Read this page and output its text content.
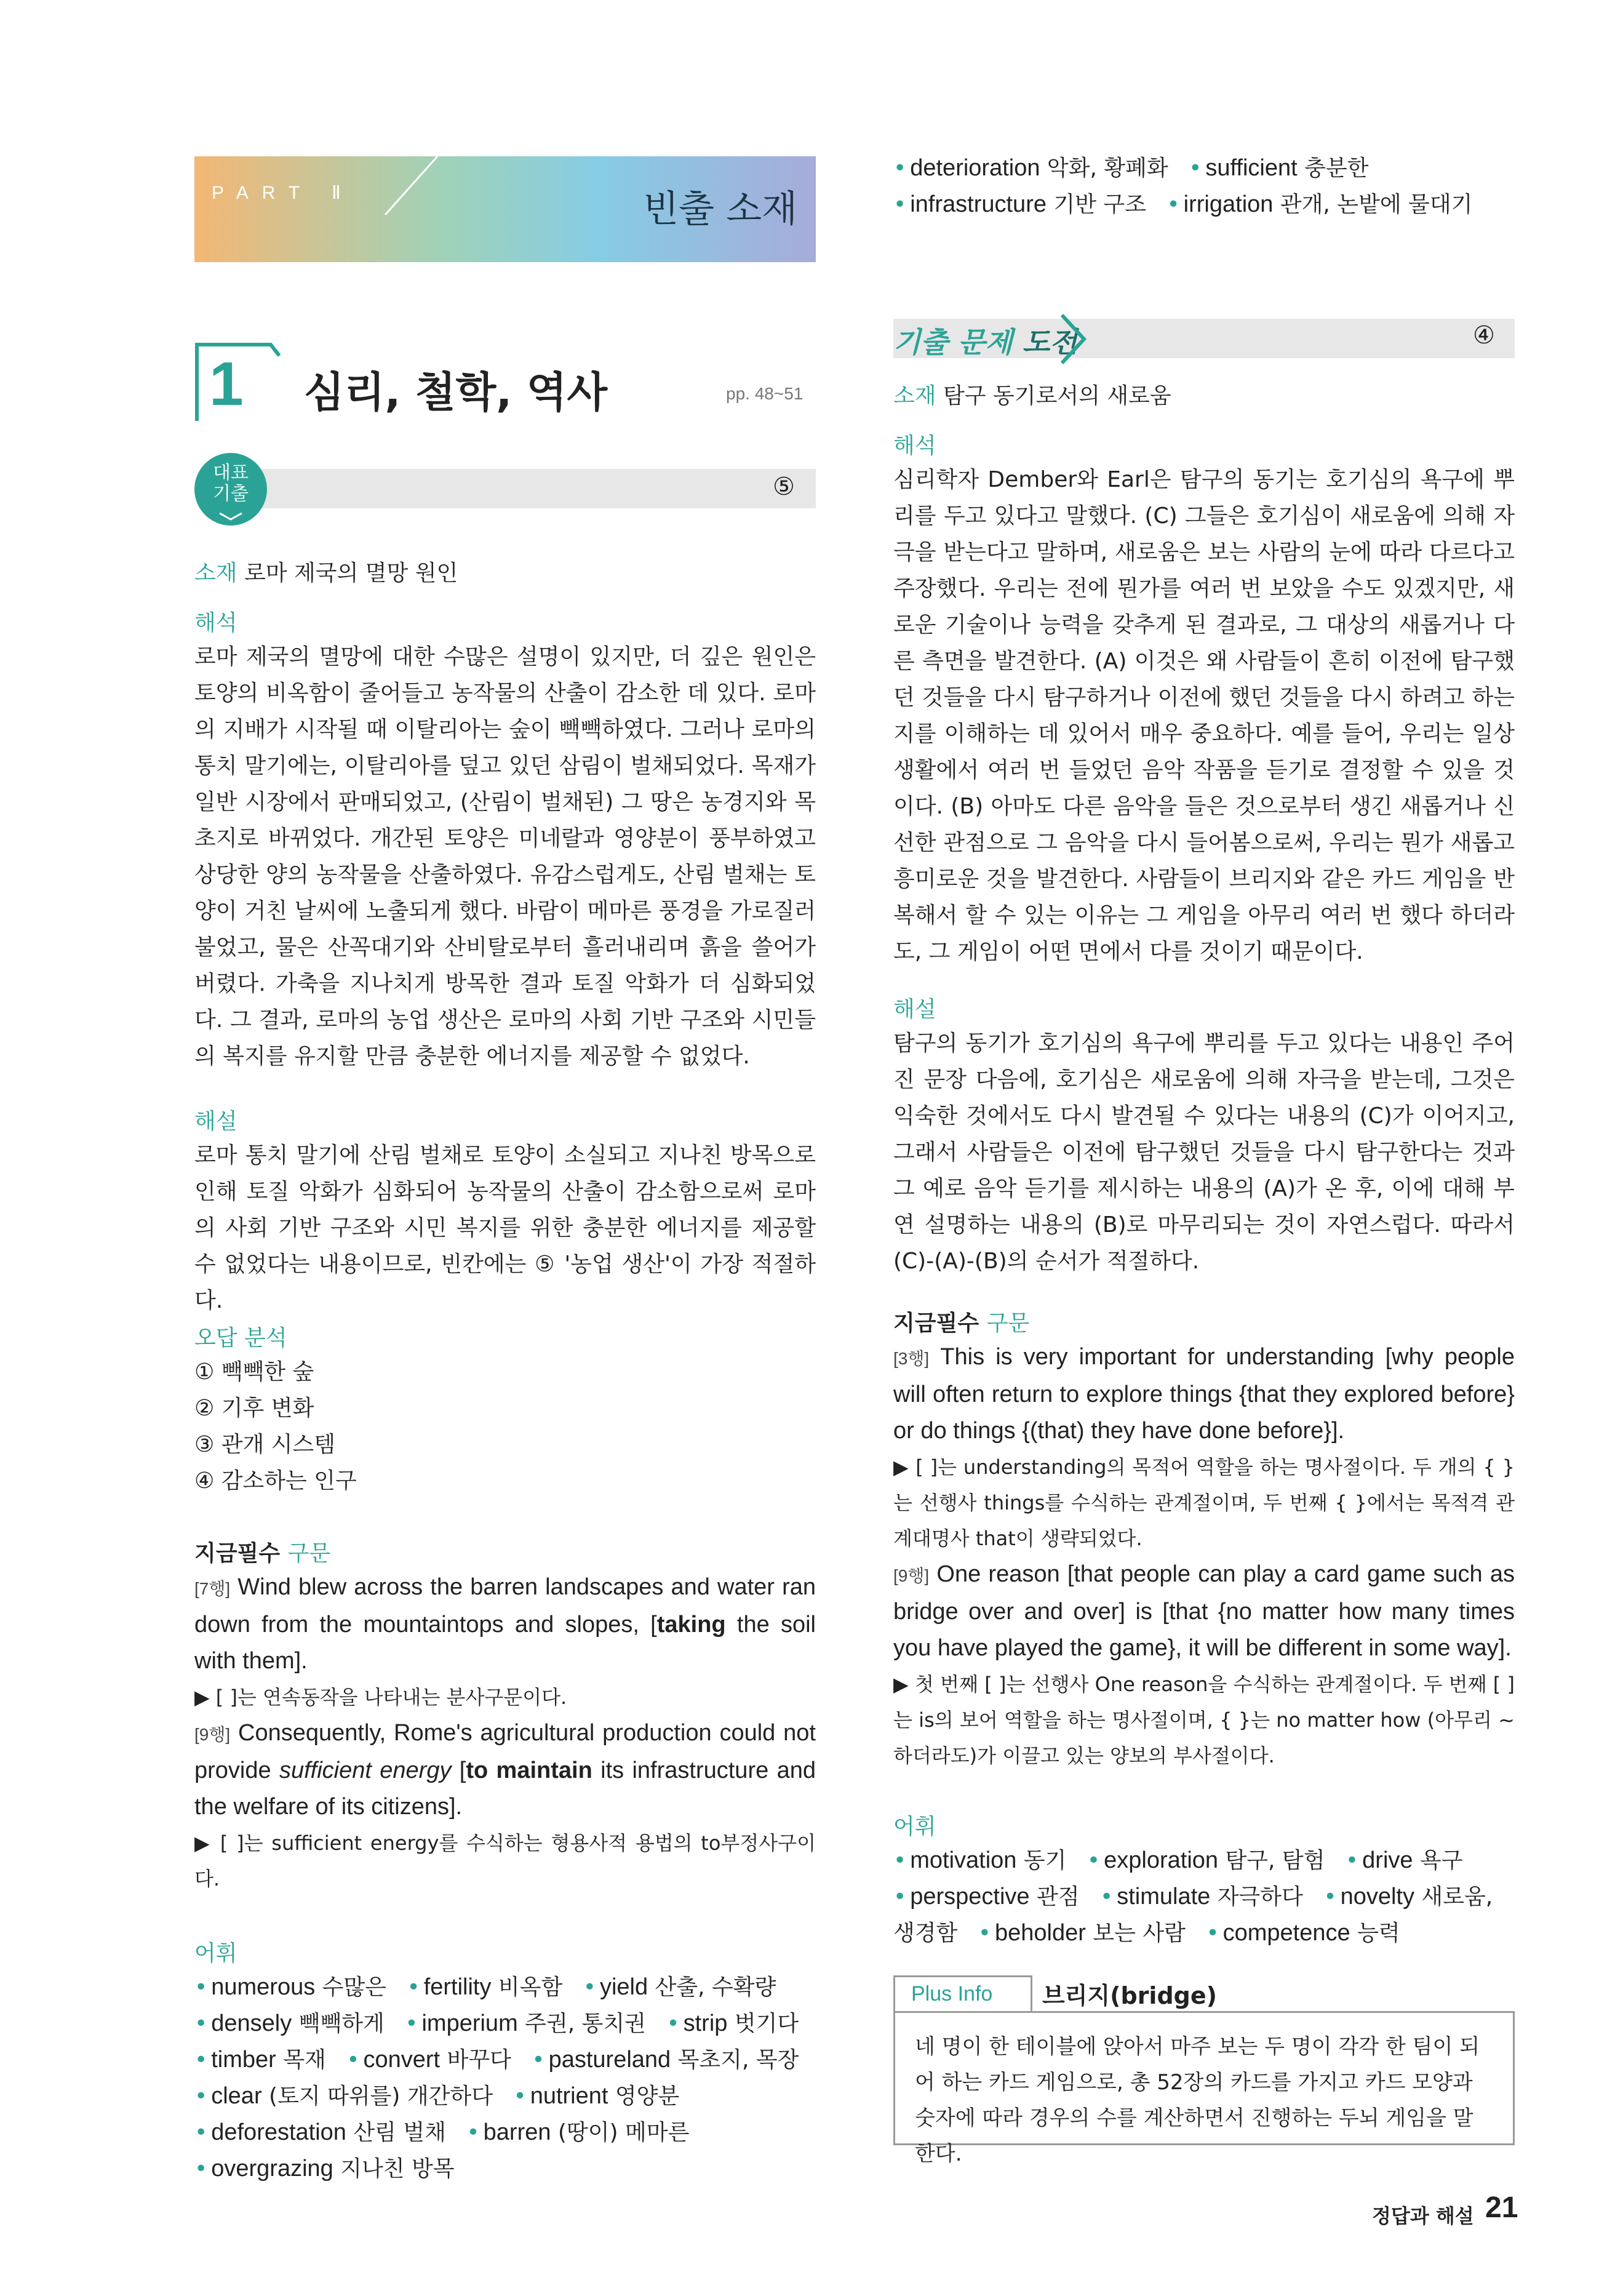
PART Ⅱ	빈출 소재
1 심리, 철학, 역사	pp. 48~51
대표
기출	⑤

소재 로마 제국의 멸망 원인

해석

로마 제국의 멸망에 대한 수많은 설명이 있지만, 더 깊은 원인은 토양의 비옥함이 줄어들고 농작물의 산출이 감소한 데 있다. 로마의 지배가 시작될 때 이탈리아는 숲이 빽빽하였다. 그러나 로마의 통치 말기에는, 이탈리아를 덮고 있던 삼림이 벌채되었다. 목재가 일반 시장에서 판매되었고, (산림이 벌채된) 그 땅은 농경지와 목초지로 바뀌었다. 개간된 토양은 미네랄과 영양분이 풍부하였고 상당한 양의 농작물을 산출하였다. 유감스럽게도, 산림 벌채는 토양이 거친 날씨에 노출되게 했다. 바람이 메마른 풍경을 가로질러 불었고, 물은 산꼭대기와 산비탈로부터 흘러내리며 흙을 쓸어가 버렸다. 가축을 지나치게 방목한 결과 토질 악화가 더 심화되었다. 그 결과, 로마의 농업 생산은 로마의 사회 기반 구조와 시민들의 복지를 유지할 만큼 충분한 에너지를 제공할 수 없었다.

해설

로마 통치 말기에 산림 벌채로 토양이 소실되고 지나친 방목으로 인해 토질 악화가 심화되어 농작물의 산출이 감소함으로써 로마의 사회 기반 구조와 시민 복지를 위한 충분한 에너지를 제공할 수 없었다는 내용이므로, 빈칸에는 ⑤ '농업 생산'이 가장 적절하다.

오답 분석

① 빽빽한 숲

② 기후 변화

③ 관개 시스템

④ 감소하는 인구

지금필수 구문

[7행] Wind blew across the barren landscapes and water ran down from the mountaintops and slopes, [taking the soil with them].

▶ [ ]는 연속동작을 나타내는 분사구문이다.

[9행] Consequently, Rome's agricultural production could not provide sufficient energy [to maintain its infrastructure and the welfare of its citizens].

▶ [ ]는 sufficient energy를 수식하는 형용사적 용법의 to부정사구이다.

어휘

• numerous 수많은 • fertility 비옥함 • yield 산출, 수확량 • densely 빽빽하게 • imperium 주권, 통치권 • strip 벗기다 • timber 목재 • convert 바꾸다 • pastureland 목초지, 목장 • clear (토지 따위를) 개간하다 • nutrient 영양분 • deforestation 산림 벌채 • barren (땅이) 메마른 • overgrazing 지나친 방목

• deterioration 악화, 황폐화 • sufficient 충분한 • infrastructure 기반 구조 • irrigation 관개, 논밭에 물대기

기출 문제 도전	④

소재 탐구 동기로서의 새로움

해석

심리학자 Dember와 Earl은 탐구의 동기는 호기심의 욕구에 뿌리를 두고 있다고 말했다. (C) 그들은 호기심이 새로움에 의해 자극을 받는다고 말하며, 새로움은 보는 사람의 눈에 따라 다르다고 주장했다. 우리는 전에 뭔가를 여러 번 보았을 수도 있겠지만, 새로운 기술이나 능력을 갖추게 된 결과로, 그 대상의 새롭거나 다른 측면을 발견한다. (A) 이것은 왜 사람들이 흔히 이전에 탐구했던 것들을 다시 탐구하거나 이전에 했던 것들을 다시 하려고 하는지를 이해하는 데 있어서 매우 중요하다. 예를 들어, 우리는 일상생활에서 여러 번 들었던 음악 작품을 듣기로 결정할 수 있을 것이다. (B) 아마도 다른 음악을 들은 것으로부터 생긴 새롭거나 신선한 관점으로 그 음악을 다시 들어봄으로써, 우리는 뭔가 새롭고 흥미로운 것을 발견한다. 사람들이 브리지와 같은 카드 게임을 반복해서 할 수 있는 이유는 그 게임을 아무리 여러 번 했다 하더라도, 그 게임이 어떤 면에서 다를 것이기 때문이다.

해설

탐구의 동기가 호기심의 욕구에 뿌리를 두고 있다는 내용인 주어진 문장 다음에, 호기심은 새로움에 의해 자극을 받는데, 그것은 익숙한 것에서도 다시 발견될 수 있다는 내용의 (C)가 이어지고, 그래서 사람들은 이전에 탐구했던 것들을 다시 탐구한다는 것과 그 예로 음악 듣기를 제시하는 내용의 (A)가 온 후, 이에 대해 부연 설명하는 내용의 (B)로 마무리되는 것이 자연스럽다. 따라서 (C)-(A)-(B)의 순서가 적절하다.

지금필수 구문

[3행] This is very important for understanding [why people will often return to explore things {that they explored before} or do things {(that) they have done before}].

▶ [ ]는 understanding의 목적어 역할을 하는 명사절이다. 두 개의 { }는 선행사 things를 수식하는 관계절이며, 두 번째 { }에서는 목적격 관계대명사 that이 생략되었다.

[9행] One reason [that people can play a card game such as bridge over and over] is [that {no matter how many times you have played the game}, it will be different in some way].

▶ 첫 번째 [ ]는 선행사 One reason을 수식하는 관계절이다. 두 번째 [ ]는 is의 보어 역할을 하는 명사절이며, { }는 no matter how (아무리 ~하더라도)가 이끌고 있는 양보의 부사절이다.

어휘

• motivation 동기 • exploration 탐구, 탐험 • drive 욕구 • perspective 관점 • stimulate 자극하다 • novelty 새로움, 생경함 • beholder 보는 사람 • competence 능력

Plus Info 브리지(bridge)

네 명이 한 테이블에 앉아서 마주 보는 두 명이 각각 한 팀이 되어 하는 카드 게임으로, 총 52장의 카드를 가지고 카드 모양과 숫자에 따라 경우의 수를 계산하면서 진행하는 두뇌 게임을 말한다.

정답과 해설 21
